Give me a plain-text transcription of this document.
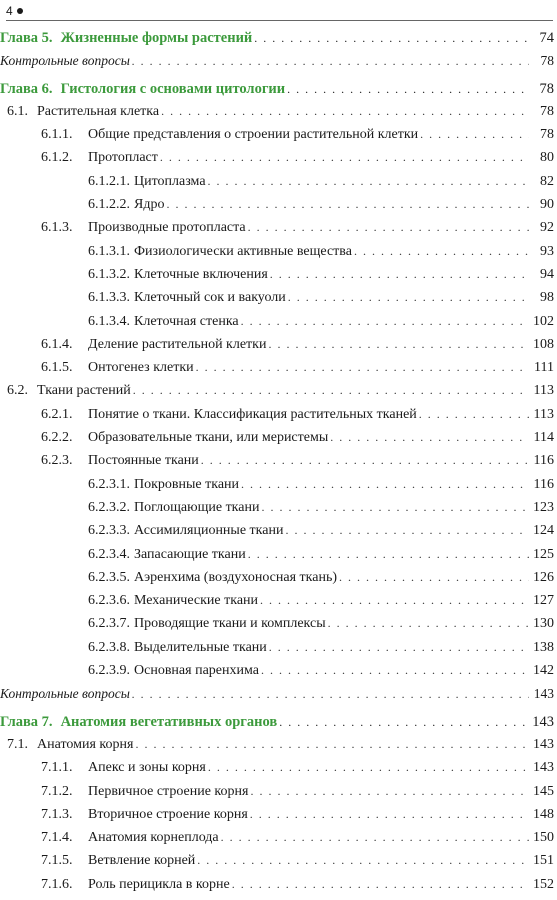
4
Глава 5. Жизненные формы растений . . .	74
Контрольные вопросы . . .	78
Глава 6. Гистология с основами цитологии . . .	78
6.1. Растительная клетка . . .	78
6.1.1. Общие представления о строении растительной клетки . . .	78
6.1.2. Протопласт . . .	80
6.1.2.1. Цитоплазма . . .	82
6.1.2.2. Ядро . . .	90
6.1.3. Производные протопласта . . .	92
6.1.3.1. Физиологически активные вещества . . .	93
6.1.3.2. Клеточные включения . . .	94
6.1.3.3. Клеточный сок и вакуоли . . .	98
6.1.3.4. Клеточная стенка . . .	102
6.1.4. Деление растительной клетки . . .	108
6.1.5. Онтогенез клетки . . .	111
6.2. Ткани растений . . .	113
6.2.1. Понятие о ткани. Классификация растительных тканей . . .	113
6.2.2. Образовательные ткани, или меристемы . . .	114
6.2.3. Постоянные ткани . . .	116
6.2.3.1. Покровные ткани . . .	116
6.2.3.2. Поглощающие ткани . . .	123
6.2.3.3. Ассимиляционные ткани . . .	124
6.2.3.4. Запасающие ткани . . .	125
6.2.3.5. Аэренхима (воздухоносная ткань) . . .	126
6.2.3.6. Механические ткани . . .	127
6.2.3.7. Проводящие ткани и комплексы . . .	130
6.2.3.8. Выделительные ткани . . .	138
6.2.3.9. Основная паренхима . . .	142
Контрольные вопросы . . .	143
Глава 7. Анатомия вегетативных органов . . .	143
7.1. Анатомия корня . . .	143
7.1.1. Апекс и зоны корня . . .	143
7.1.2. Первичное строение корня . . .	145
7.1.3. Вторичное строение корня . . .	148
7.1.4. Анатомия корнеплода . . .	150
7.1.5. Ветвление корней . . .	151
7.1.6. Роль перицикла в корне . . .	152
